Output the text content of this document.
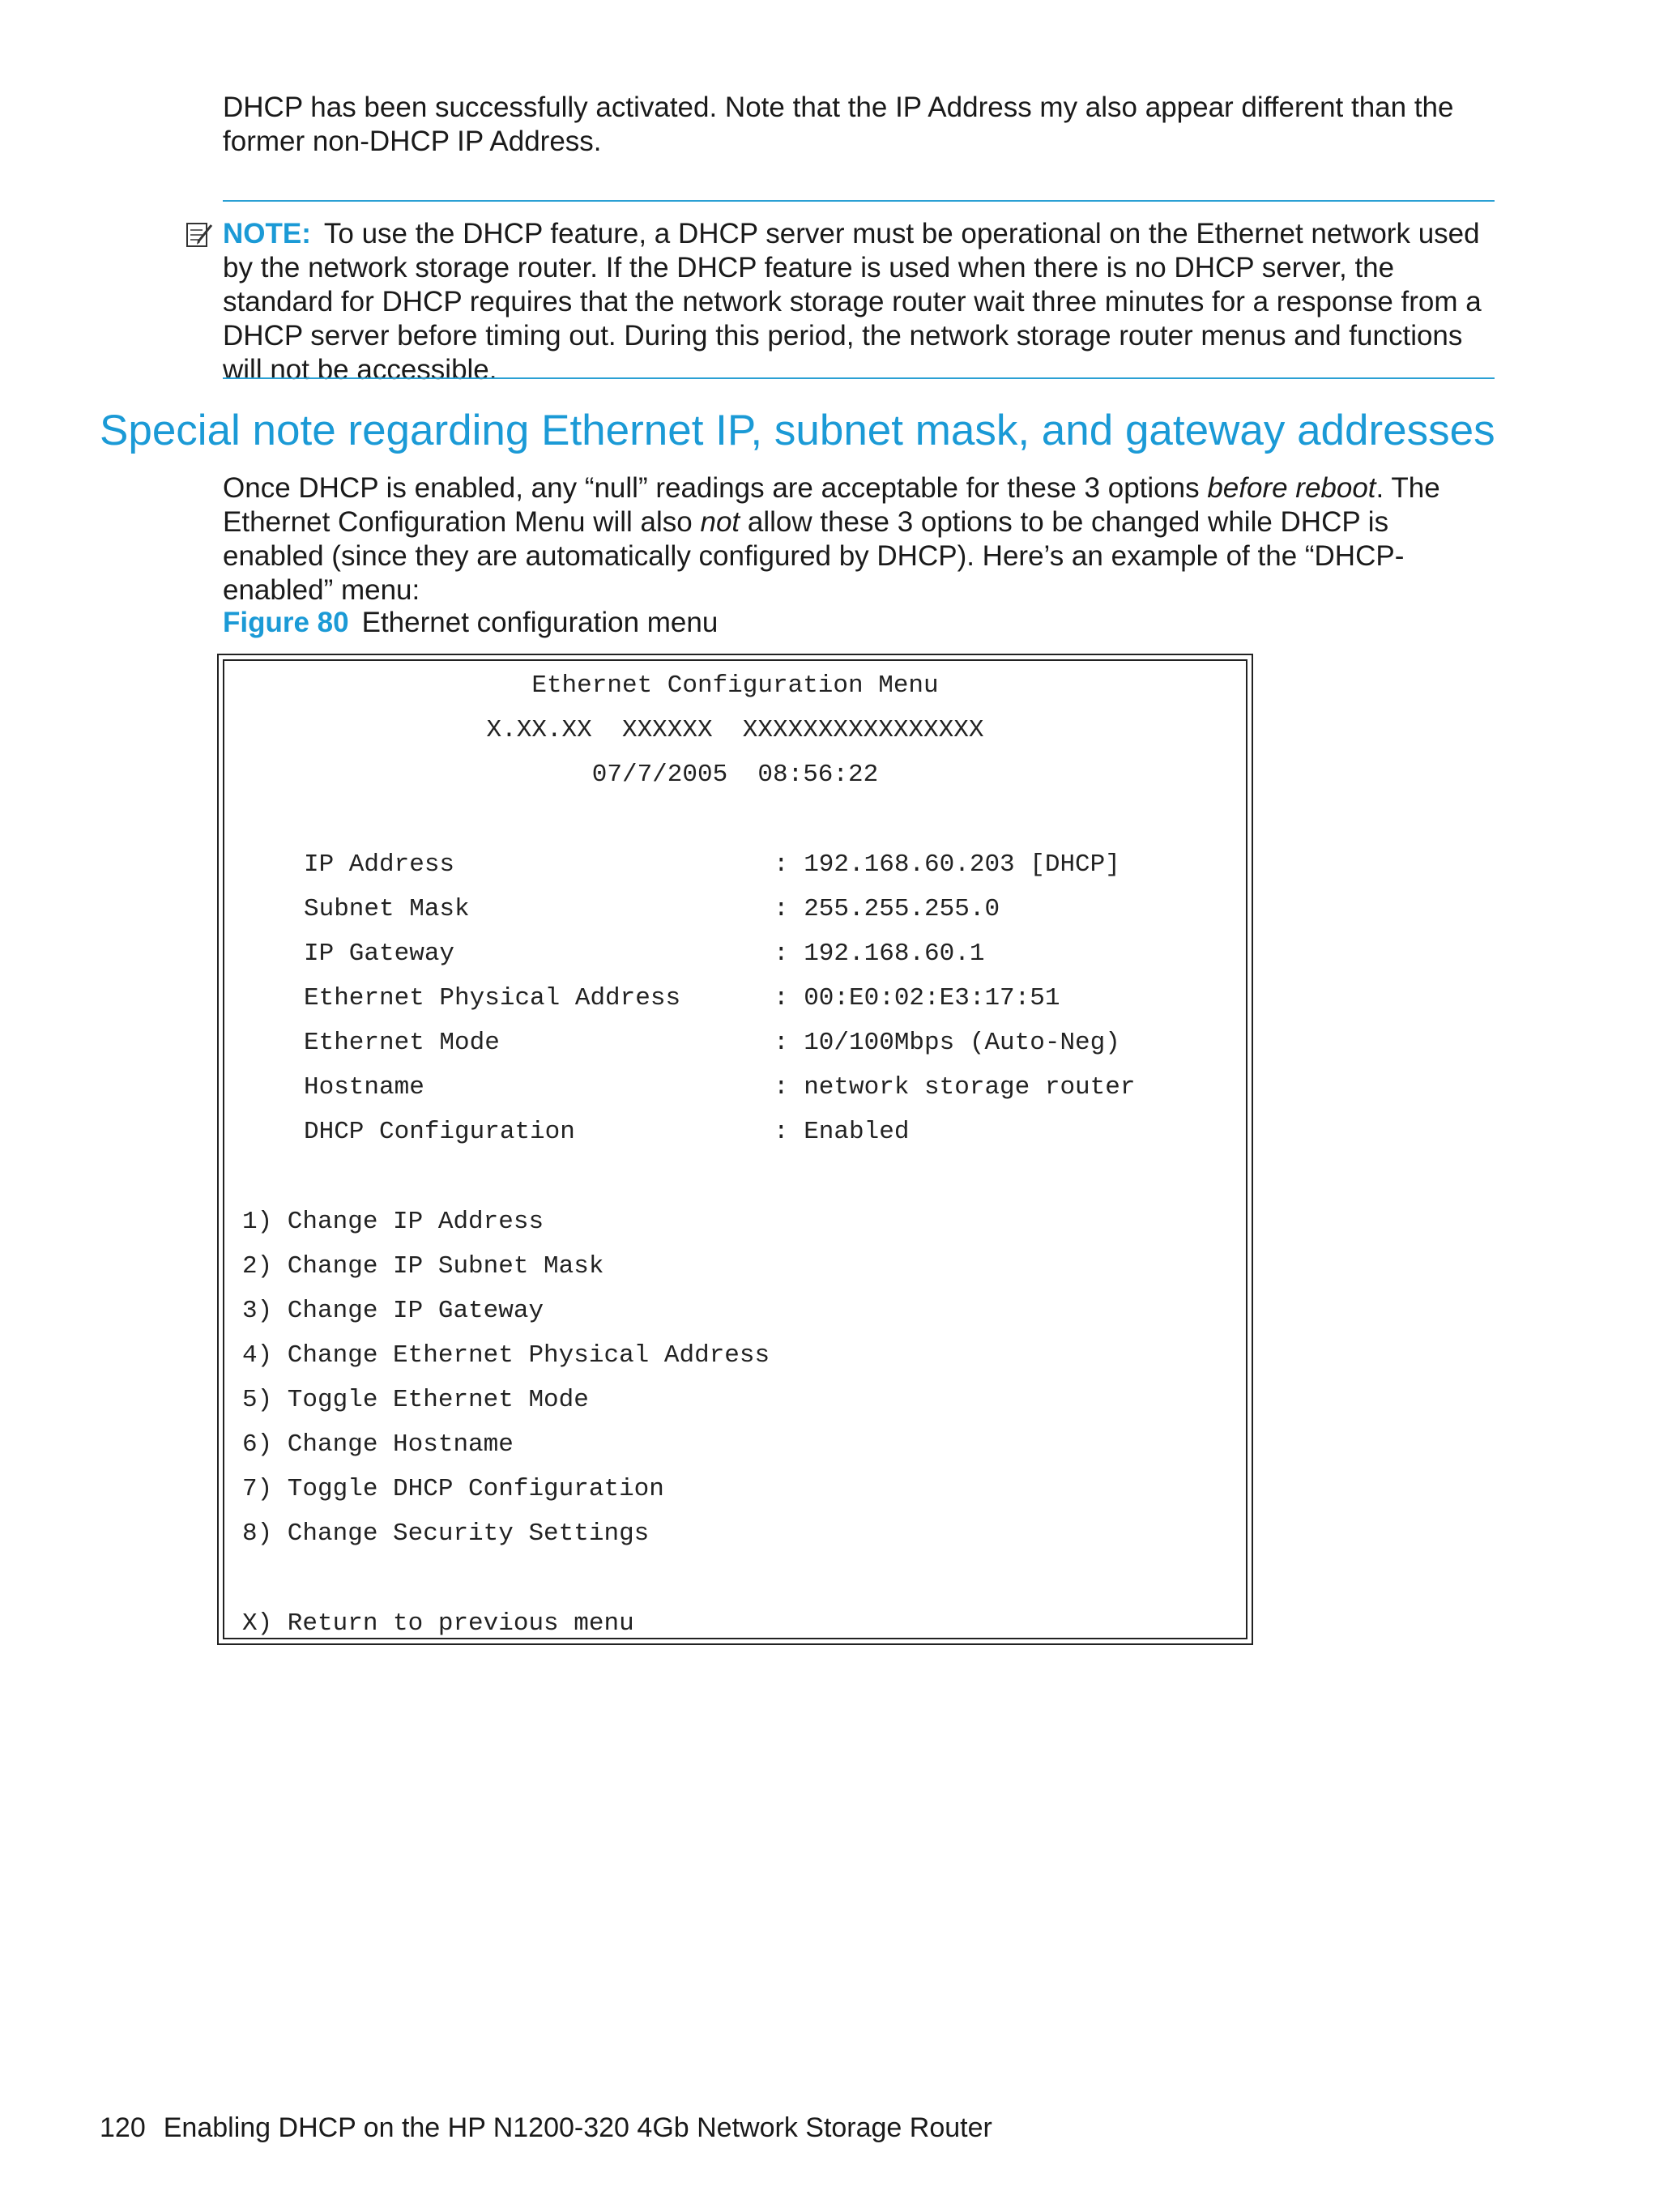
DHCP has been successfully activated. Note that the IP Address my also appear different than the former non-DHCP IP Address.

NOTE: To use the DHCP feature, a DHCP server must be operational on the Ethernet network used by the network storage router. If the DHCP feature is used when there is no DHCP server, the standard for DHCP requires that the network storage router wait three minutes for a response from a DHCP server before timing out. During this period, the network storage router menus and functions will not be accessible.

Special note regarding Ethernet IP, subnet mask, and gateway addresses

Once DHCP is enabled, any “null” readings are acceptable for these 3 options before reboot. The Ethernet Configuration Menu will also not allow these 3 options to be changed while DHCP is enabled (since they are automatically configured by DHCP). Here’s an example of the “DHCP-enabled” menu:

Figure 80 Ethernet configuration menu

Ethernet Configuration Menu
X.XX.XX  XXXXXX  XXXXXXXXXXXXXXXX
07/7/2005  08:56:22
IP Address	: 192.168.60.203 [DHCP]
Subnet Mask	: 255.255.255.0
IP Gateway	: 192.168.60.1
Ethernet Physical Address	: 00:E0:02:E3:17:51
Ethernet Mode	: 10/100Mbps (Auto-Neg)
Hostname	: network storage router
DHCP Configuration	: Enabled
1) Change IP Address
2) Change IP Subnet Mask
3) Change IP Gateway
4) Change Ethernet Physical Address
5) Toggle Ethernet Mode
6) Change Hostname
7) Toggle DHCP Configuration
8) Change Security Settings
X) Return to previous menu

120 Enabling DHCP on the HP N1200-320 4Gb Network Storage Router
